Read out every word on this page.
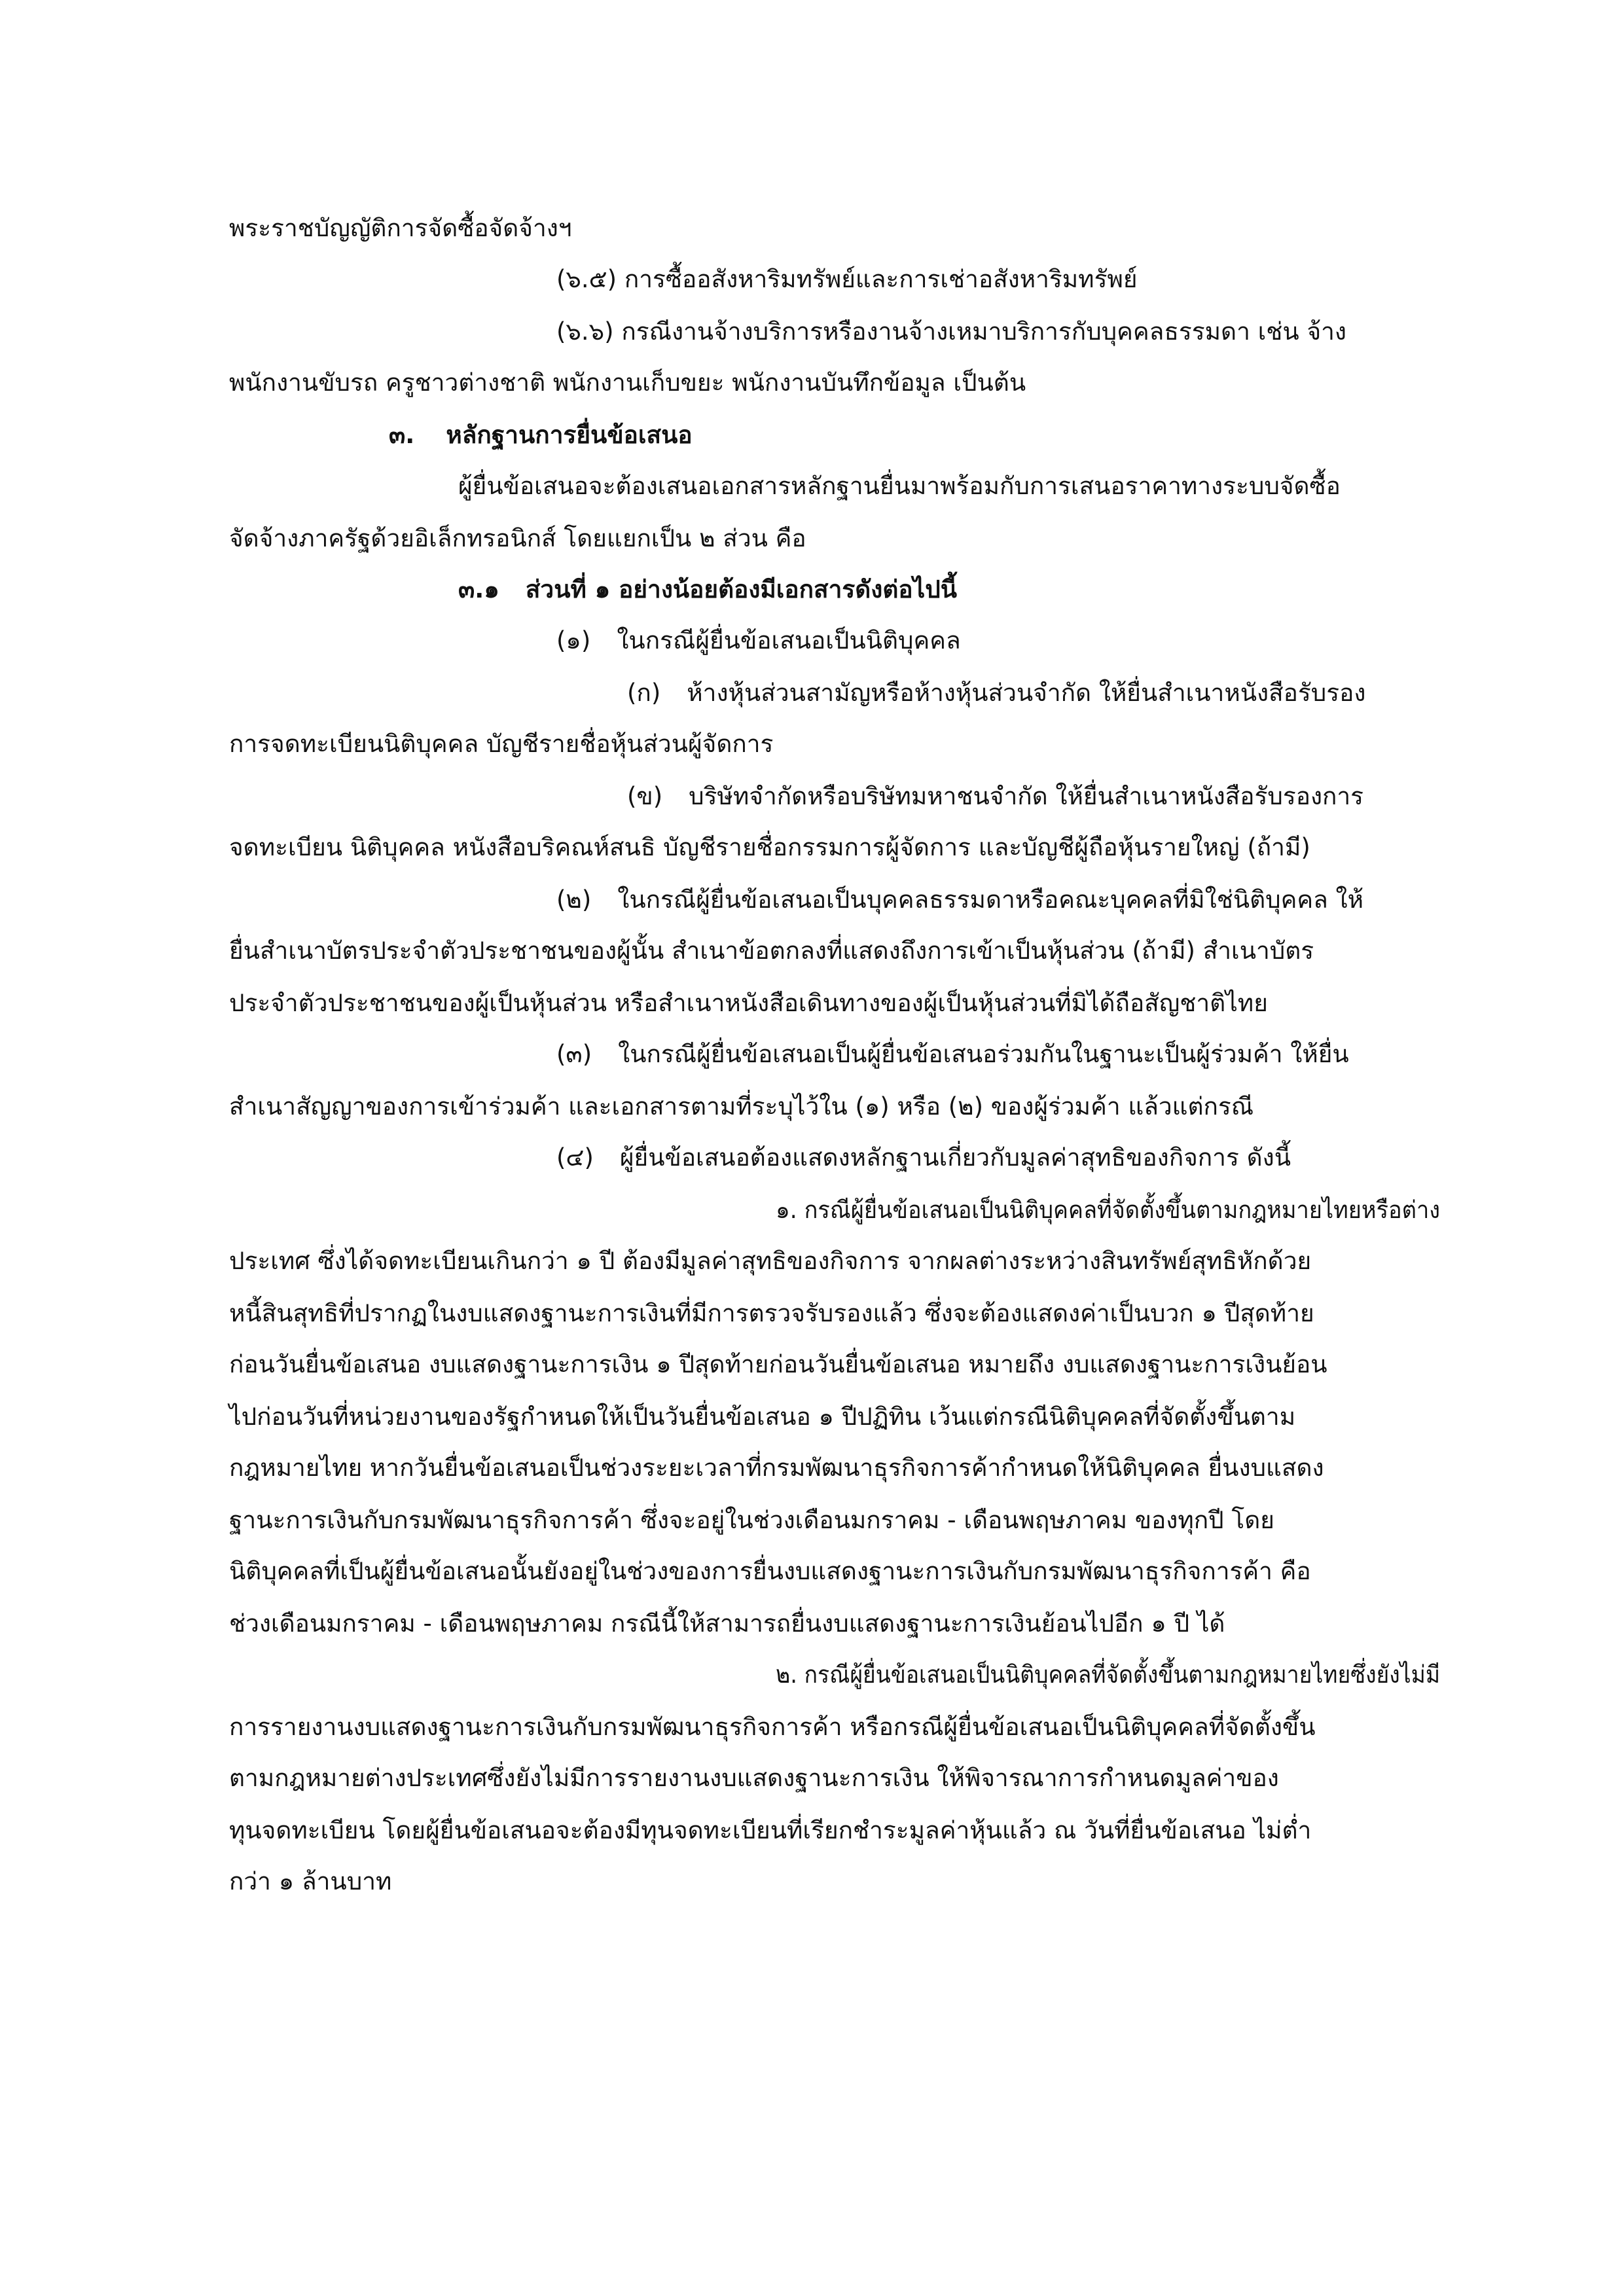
พระราชบัญญัติการจัดซื้อจัดจ้างฯ
(๖.๕) การซื้ออสังหาริมทรัพย์และการเช่าอสังหาริมทรัพย์
(๖.๖) กรณีงานจ้างบริการหรืองานจ้างเหมาบริการกับบุคคลธรรมดา เช่น จ้าง
พนักงานขับรถ ครูชาวต่างชาติ พนักงานเก็บขยะ พนักงานบันทึกข้อมูล เป็นต้น
๓. หลักฐานการยื่นข้อเสนอ
ผู้ยื่นข้อเสนอจะต้องเสนอเอกสารหลักฐานยื่นมาพร้อมกับการเสนอราคาทางระบบจัดซื้อ
จัดจ้างภาครัฐด้วยอิเล็กทรอนิกส์ โดยแยกเป็น ๒ ส่วน คือ
๓.๑ ส่วนที่ ๑ อย่างน้อยต้องมีเอกสารดังต่อไปนี้
(๑) ในกรณีผู้ยื่นข้อเสนอเป็นนิติบุคคล
(ก) ห้างหุ้นส่วนสามัญหรือห้างหุ้นส่วนจำกัด ให้ยื่นสำเนาหนังสือรับรอง
การจดทะเบียนนิติบุคคล บัญชีรายชื่อหุ้นส่วนผู้จัดการ
(ข) บริษัทจำกัดหรือบริษัทมหาชนจำกัด ให้ยื่นสำเนาหนังสือรับรองการ
จดทะเบียน นิติบุคคล หนังสือบริคณห์สนธิ บัญชีรายชื่อกรรมการผู้จัดการ และบัญชีผู้ถือหุ้นรายใหญ่ (ถ้ามี)
(๒) ในกรณีผู้ยื่นข้อเสนอเป็นบุคคลธรรมดาหรือคณะบุคคลที่มิใช่นิติบุคคล ให้
ยื่นสำเนาบัตรประจำตัวประชาชนของผู้นั้น สำเนาข้อตกลงที่แสดงถึงการเข้าเป็นหุ้นส่วน (ถ้ามี) สำเนาบัตร
ประจำตัวประชาชนของผู้เป็นหุ้นส่วน หรือสำเนาหนังสือเดินทางของผู้เป็นหุ้นส่วนที่มิได้ถือสัญชาติไทย
(๓) ในกรณีผู้ยื่นข้อเสนอเป็นผู้ยื่นข้อเสนอร่วมกันในฐานะเป็นผู้ร่วมค้า ให้ยื่น
สำเนาสัญญาของการเข้าร่วมค้า และเอกสารตามที่ระบุไว้ใน (๑) หรือ (๒) ของผู้ร่วมค้า แล้วแต่กรณี
(๔) ผู้ยื่นข้อเสนอต้องแสดงหลักฐานเกี่ยวกับมูลค่าสุทธิของกิจการ ดังนี้
๑. กรณีผู้ยื่นข้อเสนอเป็นนิติบุคคลที่จัดตั้งขึ้นตามกฎหมายไทยหรือต่าง
ประเทศ ซึ่งได้จดทะเบียนเกินกว่า ๑ ปี ต้องมีมูลค่าสุทธิของกิจการ จากผลต่างระหว่างสินทรัพย์สุทธิหักด้วย
หนี้สินสุทธิที่ปรากฏในงบแสดงฐานะการเงินที่มีการตรวจรับรองแล้ว ซึ่งจะต้องแสดงค่าเป็นบวก ๑ ปีสุดท้าย
ก่อนวันยื่นข้อเสนอ งบแสดงฐานะการเงิน ๑ ปีสุดท้ายก่อนวันยื่นข้อเสนอ หมายถึง งบแสดงฐานะการเงินย้อน
ไปก่อนวันที่หน่วยงานของรัฐกำหนดให้เป็นวันยื่นข้อเสนอ ๑ ปีปฏิทิน เว้นแต่กรณีนิติบุคคลที่จัดตั้งขึ้นตาม
กฎหมายไทย หากวันยื่นข้อเสนอเป็นช่วงระยะเวลาที่กรมพัฒนาธุรกิจการค้ากำหนดให้นิติบุคคล ยื่นงบแสดง
ฐานะการเงินกับกรมพัฒนาธุรกิจการค้า ซึ่งจะอยู่ในช่วงเดือนมกราคม - เดือนพฤษภาคม ของทุกปี โดย
นิติบุคคลที่เป็นผู้ยื่นข้อเสนอนั้นยังอยู่ในช่วงของการยื่นงบแสดงฐานะการเงินกับกรมพัฒนาธุรกิจการค้า คือ
ช่วงเดือนมกราคม - เดือนพฤษภาคม กรณีนี้ให้สามารถยื่นงบแสดงฐานะการเงินย้อนไปอีก ๑ ปี ได้
๒. กรณีผู้ยื่นข้อเสนอเป็นนิติบุคคลที่จัดตั้งขึ้นตามกฎหมายไทยซึ่งยังไม่มี
การรายงานงบแสดงฐานะการเงินกับกรมพัฒนาธุรกิจการค้า หรือกรณีผู้ยื่นข้อเสนอเป็นนิติบุคคลที่จัดตั้งขึ้น
ตามกฎหมายต่างประเทศซึ่งยังไม่มีการรายงานงบแสดงฐานะการเงิน ให้พิจารณาการกำหนดมูลค่าของ
ทุนจดทะเบียน โดยผู้ยื่นข้อเสนอจะต้องมีทุนจดทะเบียนที่เรียกชำระมูลค่าหุ้นแล้ว ณ วันที่ยื่นข้อเสนอ ไม่ต่ำ
กว่า ๑ ล้านบาท
